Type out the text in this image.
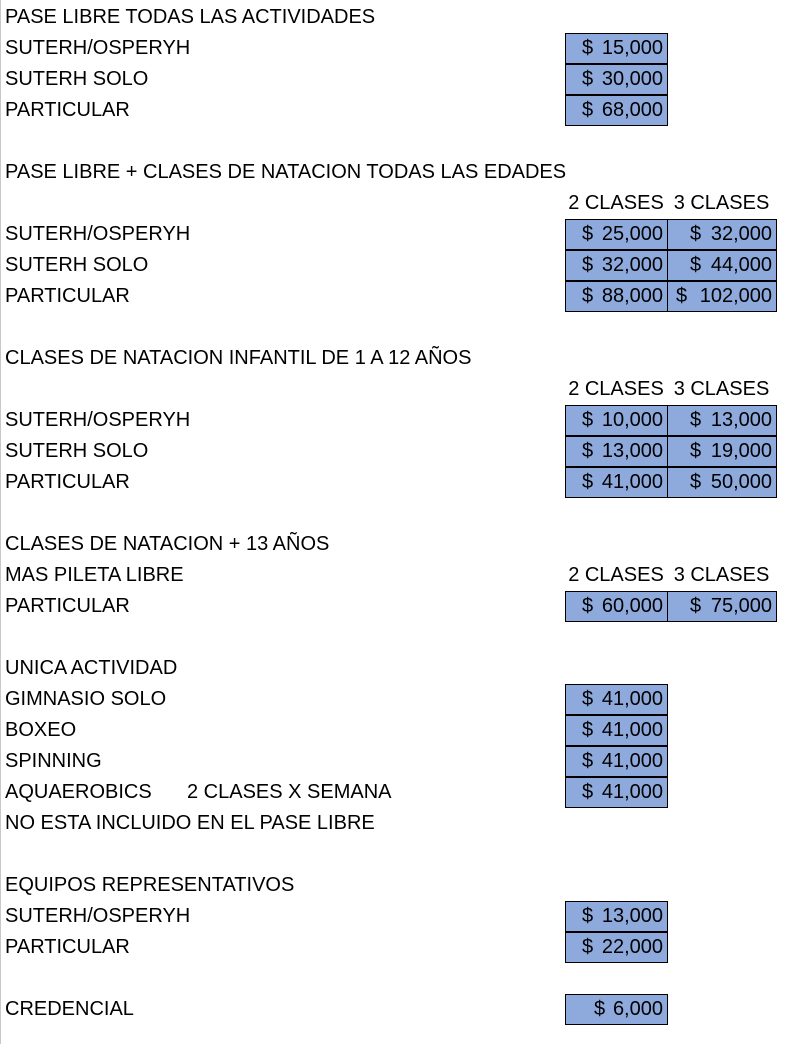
PASE LIBRE TODAS LAS ACTIVIDADES
SUTERH/OSPERYH	$ 15,000
SUTERH SOLO	$ 30,000
PARTICULAR	$ 68,000
PASE LIBRE + CLASES DE NATACION TODAS LAS EDADES
2 CLASES 3 CLASES
SUTERH/OSPERYH	$ 25,000 $ 32,000
SUTERH SOLO	$ 32,000 $ 44,000
PARTICULAR	$ 88,000 $ 102,000
CLASES DE NATACION INFANTIL DE 1 A 12 AÑOS
2 CLASES 3 CLASES
SUTERH/OSPERYH	$ 10,000 $ 13,000
SUTERH SOLO	$ 13,000 $ 19,000
PARTICULAR	$ 41,000 $ 50,000
CLASES DE NATACION + 13 AÑOS
MAS PILETA LIBRE	2 CLASES 3 CLASES
PARTICULAR	$ 60,000 $ 75,000
UNICA ACTIVIDAD
GIMNASIO SOLO	$ 41,000
BOXEO	$ 41,000
SPINNING	$ 41,000
AQUAEROBICS 2 CLASES X SEMANA	$ 41,000
NO ESTA INCLUIDO EN EL PASE LIBRE
EQUIPOS REPRESENTATIVOS
SUTERH/OSPERYH	$ 13,000
PARTICULAR	$ 22,000
CREDENCIAL	$ 6,000
